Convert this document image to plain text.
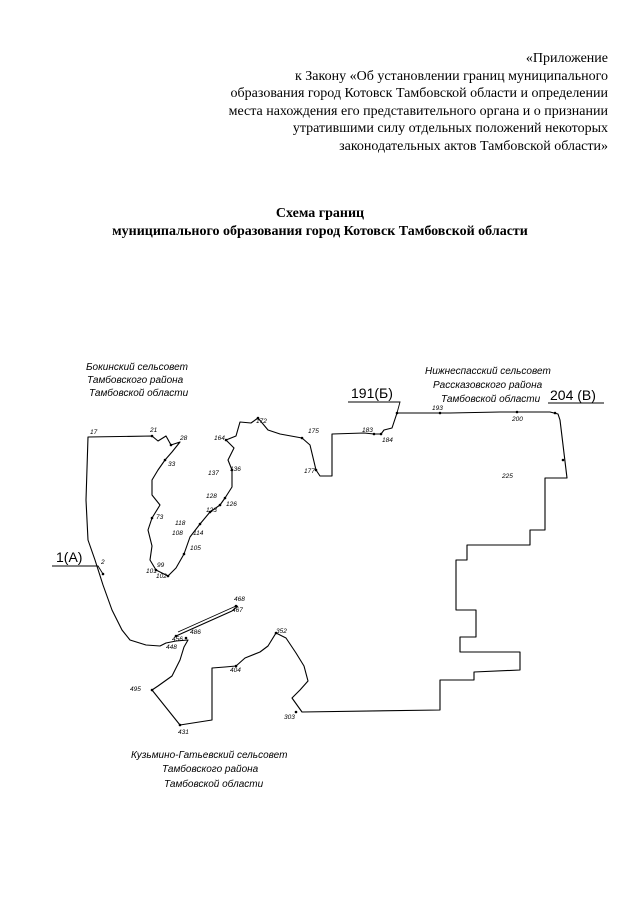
«Приложение
к Закону «Об установлении границ муниципального
образования город Котовск Тамбовской области и определении
места нахождения его представительного органа и о признании
утратившими силу отдельных положений некоторых
законодательных актов Тамбовской области»
Схема границ
муниципального образования город Котовск Тамбовской области
17	21
28
33
2
73
99
101
102
105
108 114
118
123
126
128
136
137
164
172
175
177
183
184
193
200
225
303
352
404
431
448
456
467
468
486
495
1(А)
191(Б)	204 (В)
Бокинский сельсовет
Тамбовского района
Тамбовской области
Нижнеспасский сельсовет
Рассказовского района
Тамбовской области
Кузьмино-Гатьевский сельсовет
Тамбовского района
Тамбовской области
